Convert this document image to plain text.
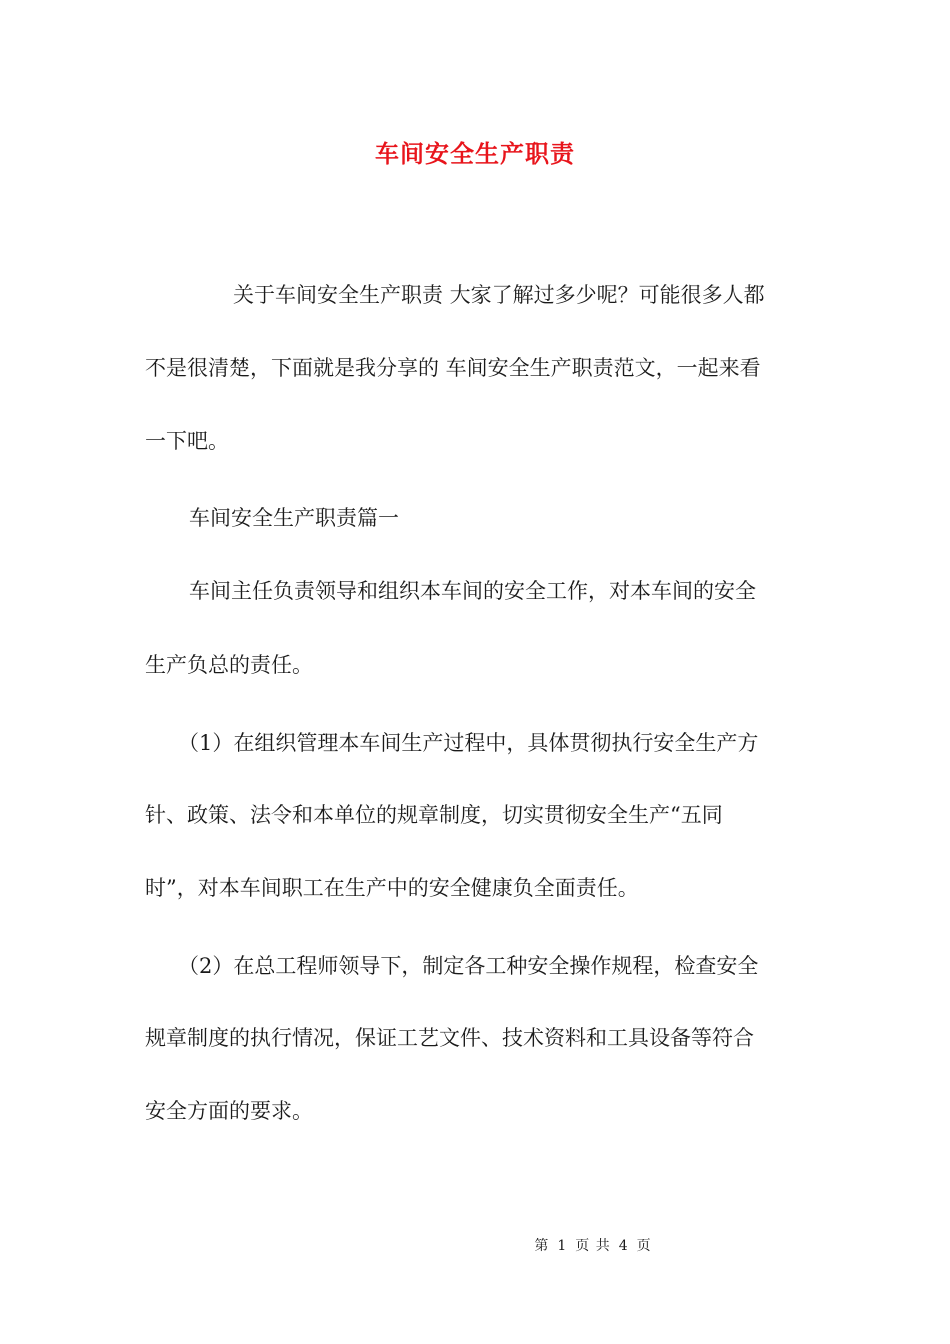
车间安全生产职责
关于车间安全生产职责 大家了解过多少呢？可能很多人都
不是很清楚，下面就是我分享的 车间安全生产职责范文，一起来看
一下吧。
车间安全生产职责篇一
车间主任负责领导和组织本车间的安全工作，对本车间的安全
生产负总的责任。
（1）在组织管理本车间生产过程中，具体贯彻执行安全生产方
针、政策、法令和本单位的规章制度，切实贯彻安全生产“五同
时”，对本车间职工在生产中的安全健康负全面责任。
（2）在总工程师领导下，制定各工种安全操作规程，检查安全
规章制度的执行情况，保证工艺文件、技术资料和工具设备等符合
安全方面的要求。
第 1 页 共 4 页
